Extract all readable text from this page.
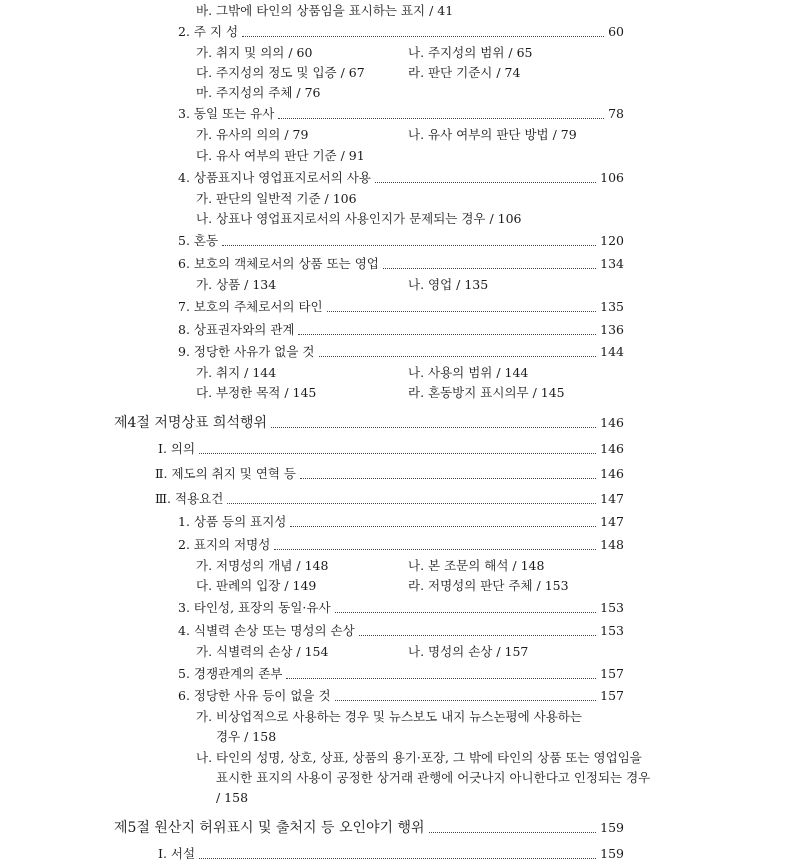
바. 그밖에 타인의 상품임을 표시하는 표지 / 41
2. 주 지 성	60
가. 취지 및 의의 / 60	나. 주지성의 범위 / 65
다. 주지성의 정도 및 입증 / 67	라. 판단 기준시 / 74
마. 주지성의 주체 / 76
3. 동일 또는 유사	78
가. 유사의 의의 / 79	나. 유사 여부의 판단 방법 / 79
다. 유사 여부의 판단 기준 / 91
4. 상품표지나 영업표지로서의 사용	106
가. 판단의 일반적 기준 / 106
나. 상표나 영업표지로서의 사용인지가 문제되는 경우 / 106
5. 혼동	120
6. 보호의 객체로서의 상품 또는 영업	134
가. 상품 / 134	나. 영업 / 135
7. 보호의 주체로서의 타인	135
8. 상표권자와의 관계	136
9. 정당한 사유가 없을 것	144
가. 취지 / 144	나. 사용의 범위 / 144
다. 부정한 목적 / 145	라. 혼동방지 표시의무 / 145
제4절 저명상표 희석행위	146
Ⅰ. 의의	146
Ⅱ. 제도의 취지 및 연혁 등	146
Ⅲ. 적용요건	147
1. 상품 등의 표지성	147
2. 표지의 저명성	148
가. 저명성의 개념 / 148	나. 본 조문의 해석 / 148
다. 판례의 입장 / 149	라. 저명성의 판단 주체 / 153
3. 타인성, 표장의 동일·유사	153
4. 식별력 손상 또는 명성의 손상	153
가. 식별력의 손상 / 154	나. 명성의 손상 / 157
5. 경쟁관계의 존부	157
6. 정당한 사유 등이 없을 것	157
가. 비상업적으로 사용하는 경우 및 뉴스보도 내지 뉴스논평에 사용하는
경우 / 158
나. 타인의 성명, 상호, 상표, 상품의 용기·포장, 그 밖에 타인의 상품 또는 영업임을
표시한 표지의 사용이 공정한 상거래 관행에 어긋나지 아니한다고 인정되는 경우
/ 158
제5절 원산지 허위표시 및 출처지 등 오인야기 행위	159
Ⅰ. 서설	159
